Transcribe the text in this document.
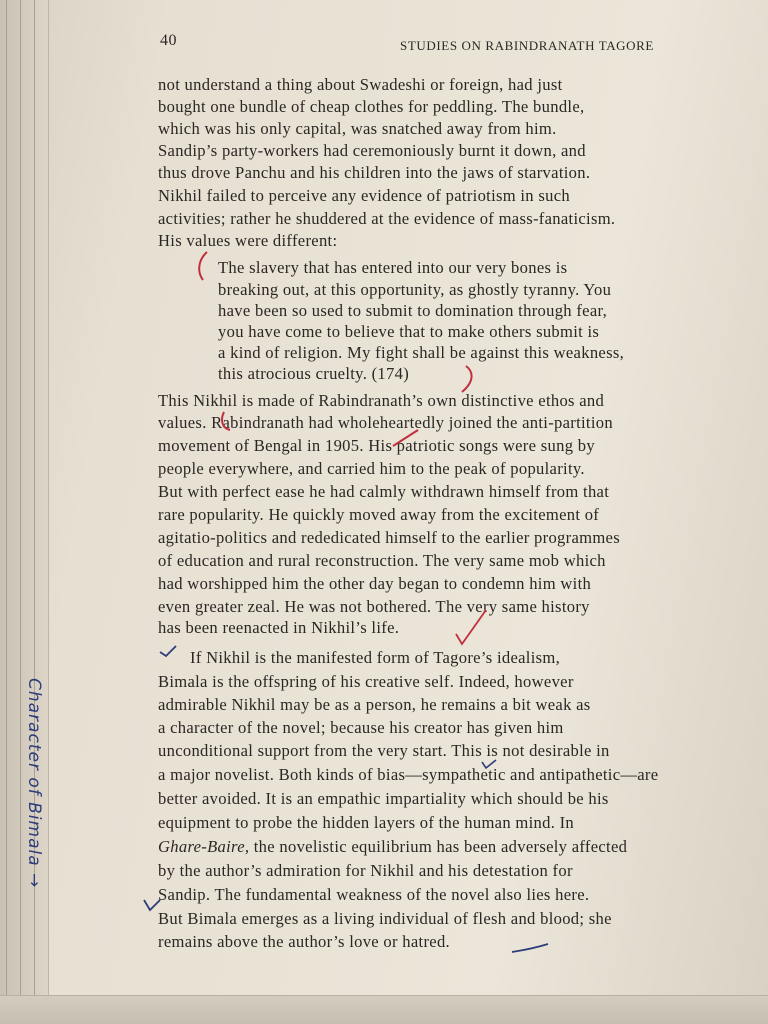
40	STUDIES ON RABINDRANATH TAGORE
not understand a thing about Swadeshi or foreign, had just
bought one bundle of cheap clothes for peddling. The bundle,
which was his only capital, was snatched away from him.
Sandip’s party-workers had ceremoniously burnt it down, and
thus drove Panchu and his children into the jaws of starvation.
Nikhil failed to perceive any evidence of patriotism in such
activities; rather he shuddered at the evidence of mass-fanaticism.
His values were different:
The slavery that has entered into our very bones is
breaking out, at this opportunity, as ghostly tyranny. You
have been so used to submit to domination through fear,
you have come to believe that to make others submit is
a kind of religion. My fight shall be against this weakness,
this atrocious cruelty. (174)
This Nikhil is made of Rabindranath’s own distinctive ethos and
values. Rabindranath had wholeheartedly joined the anti-partition
movement of Bengal in 1905. His patriotic songs were sung by
people everywhere, and carried him to the peak of popularity.
But with perfect ease he had calmly withdrawn himself from that
rare popularity. He quickly moved away from the excitement of
agitatio-politics and rededicated himself to the earlier programmes
of education and rural reconstruction. The very same mob which
had worshipped him the other day began to condemn him with
even greater zeal. He was not bothered. The very same history
has been reenacted in Nikhil’s life.
If Nikhil is the manifested form of Tagore’s idealism,
Bimala is the offspring of his creative self. Indeed, however
admirable Nikhil may be as a person, he remains a bit weak as
a character of the novel; because his creator has given him
unconditional support from the very start. This is not desirable in
a major novelist. Both kinds of bias—sympathetic and antipathetic—are
better avoided. It is an empathic impartiality which should be his
equipment to probe the hidden layers of the human mind. In
Ghare-Baire, the novelistic equilibrium has been adversely affected
by the author’s admiration for Nikhil and his detestation for
Sandip. The fundamental weakness of the novel also lies here.
But Bimala emerges as a living individual of flesh and blood; she
remains above the author’s love or hatred.
Character of Bimala →
